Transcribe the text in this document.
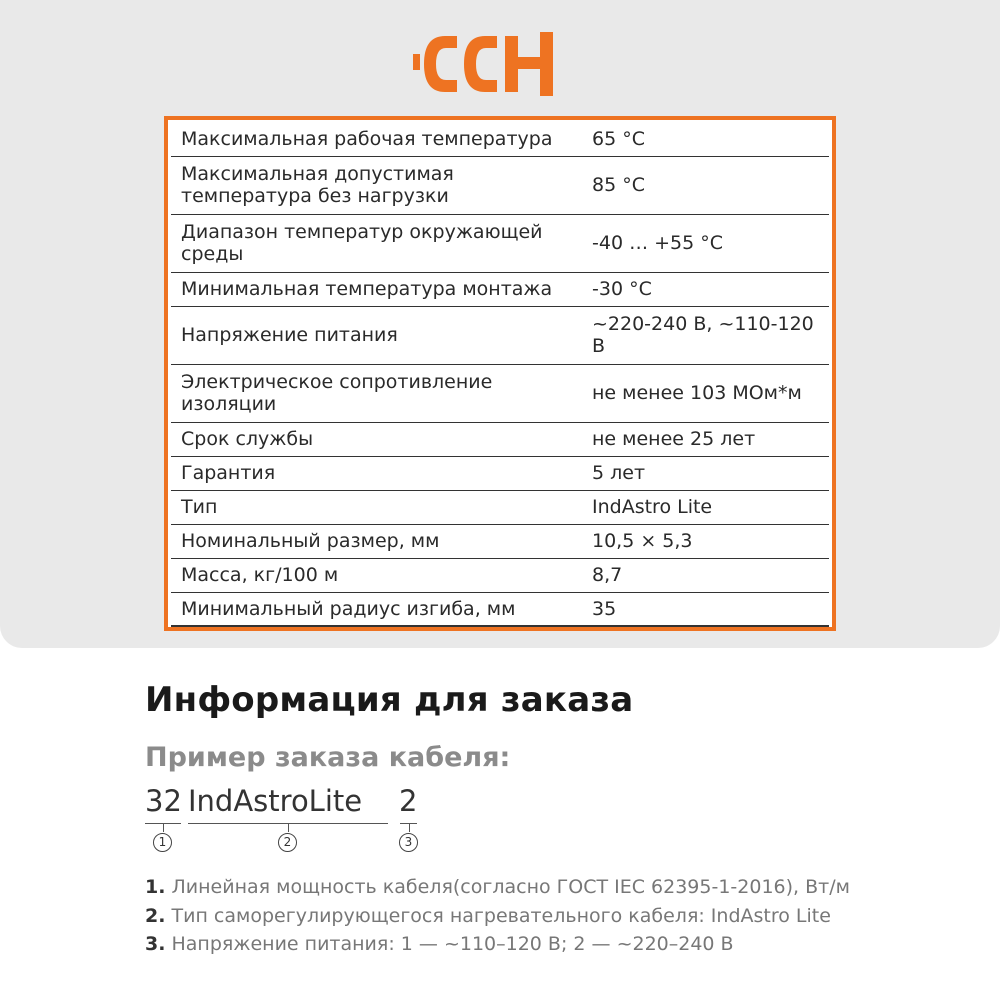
Максимальная рабочая температура	65 °C
Максимальная допустимая температура без нагрузки	85 °C
Диапазон температур окружающей среды	-40 … +55 °C
Минимальная температура монтажа	-30 °C
Напряжение питания	~220-240 В, ~110-120 В
Электрическое сопротивление изоляции	не менее 103 МОм*м
Срок службы	не менее 25 лет
Гарантия	5 лет
Тип	IndAstro Lite
Номинальный размер, мм	10,5 × 5,3
Масса, кг/100 м	8,7
Минимальный радиус изгиба, мм	35
Информация для заказа
Пример заказа кабеля:
32 IndAstroLite 2
1	2	3
1. Линейная мощность кабеля(согласно ГОСТ IEC 62395-1-2016), Вт/м
2. Тип саморегулирующегося нагревательного кабеля: IndAstro Lite
3. Напряжение питания: 1 — ~110–120 В; 2 — ~220–240 В
